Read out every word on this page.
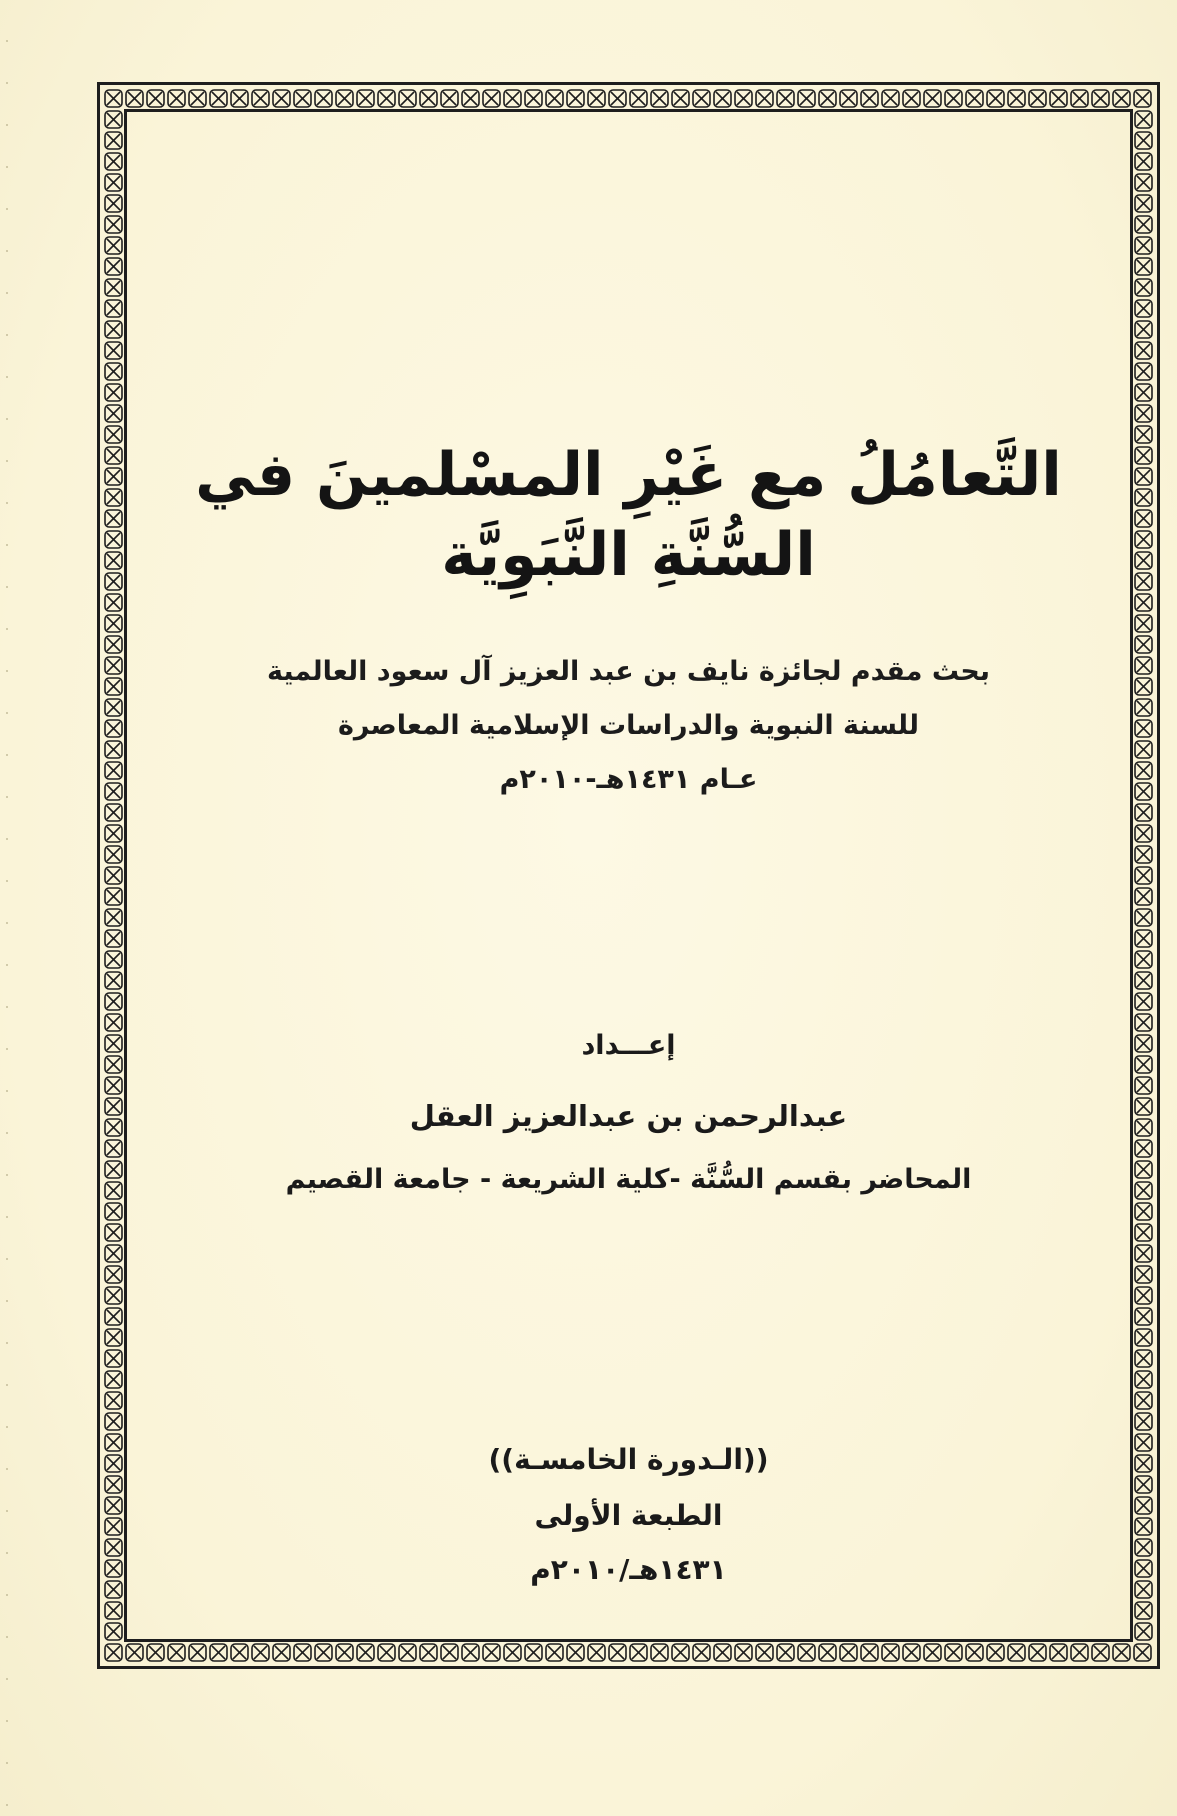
التَّعامُلُ مع غَيْرِ المسْلمينَ في السُّنَّةِ النَّبَوِيَّة
بحث مقدم لجائزة نايف بن عبد العزيز آل سعود العالمية
للسنة النبوية والدراسات الإسلامية المعاصرة
عـام ١٤٣١هـ-٢٠١٠م
إعـــداد
عبدالرحمن بن عبدالعزيز العقل
المحاضر بقسم السُّنَّة -كلية الشريعة - جامعة القصيم
((الـدورة الخامسـة))
الطبعة الأولى
١٤٣١هـ/٢٠١٠م
